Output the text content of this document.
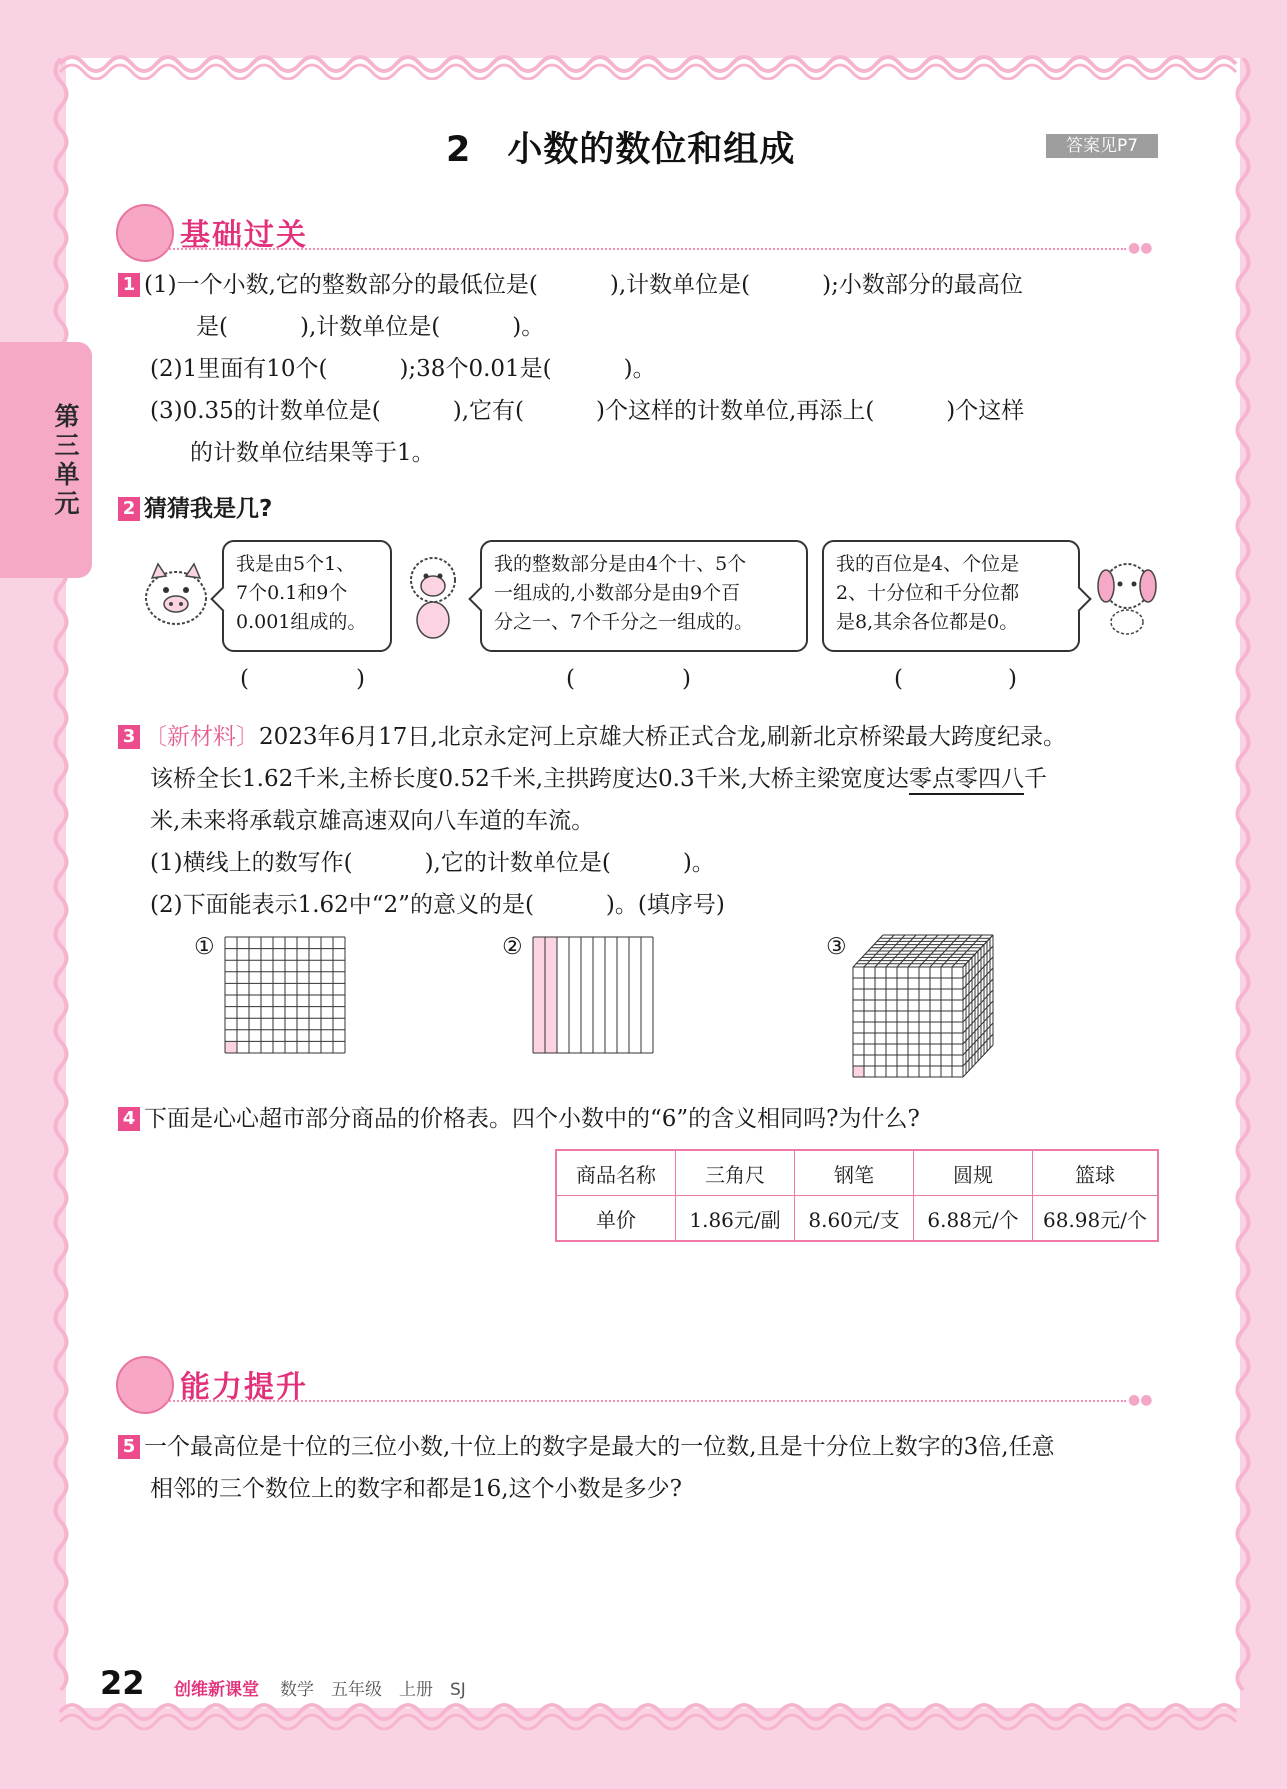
第三单元
2　小数的数位和组成	答案见P7
基础过关	●●
1 (1)一个小数,它的整数部分的最低位是(	),计数单位是(	);小数部分的最高位
是(	),计数单位是(	)。
(2)1里面有10个(	);38个0.01是(	)。
(3)0.35的计数单位是(	),它有(	)个这样的计数单位,再添上(	)个这样
的计数单位结果等于1。
2 猜猜我是几?
我是由5个1、
7个0.1和9个
0.001组成的。
我的整数部分是由4个十、5个
一组成的,小数部分是由9个百
分之一、7个千分之一组成的。
我的百位是4、个位是
2、十分位和千分位都
是8,其余各位都是0。
(	)	(	)	(	)
3 〔新材料〕2023年6月17日,北京永定河上京雄大桥正式合龙,刷新北京桥梁最大跨度纪录。
该桥全长1.62千米,主桥长度0.52千米,主拱跨度达0.3千米,大桥主梁宽度达零点零四八千
米,未来将承载京雄高速双向八车道的车流。
(1)横线上的数写作(	),它的计数单位是(	)。
(2)下面能表示1.62中“2”的意义的是(	)。(填序号)
①	②	③
4 下面是心心超市部分商品的价格表。四个小数中的“6”的含义相同吗?为什么?
商品名称	三角尺	钢笔	圆规	篮球
单价	1.86元/副	8.60元/支	6.88元/个	68.98元/个
能力提升	●●
5 一个最高位是十位的三位小数,十位上的数字是最大的一位数,且是十分位上数字的3倍,任意
相邻的三个数位上的数字和都是16,这个小数是多少?
22 创维新课堂 数学　五年级　上册　SJ
